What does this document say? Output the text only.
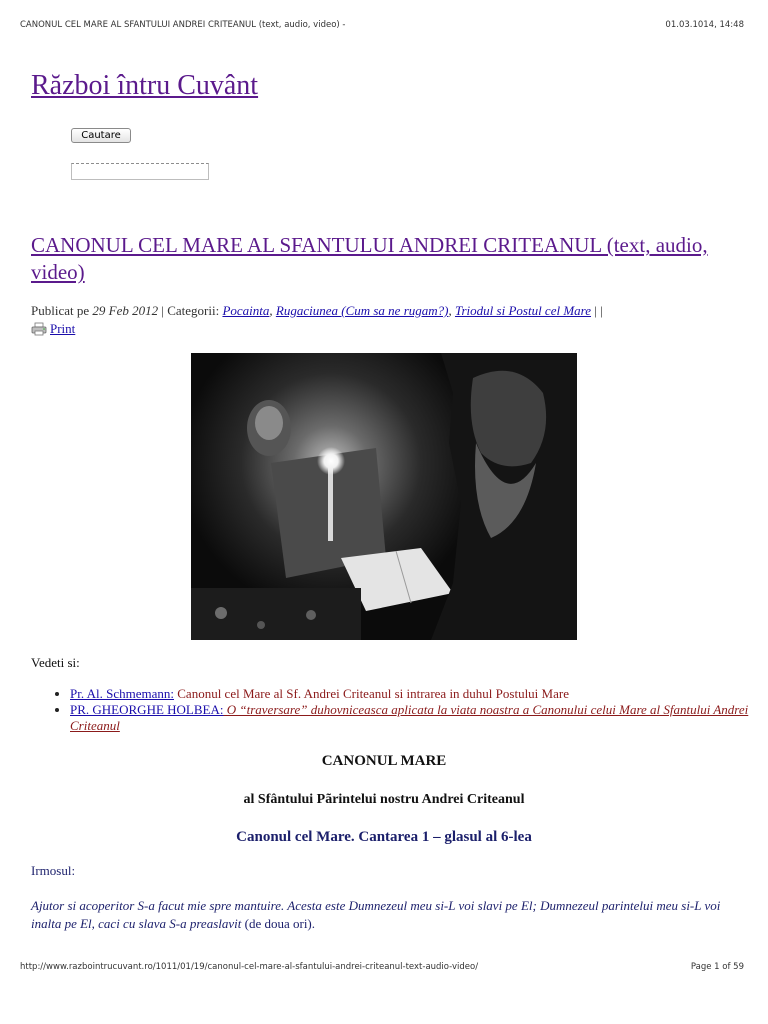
CANONUL CEL MARE AL SFANTULUI ANDREI CRITEANUL (text, audio, video) -	01.03.1014, 14:48
Război întru Cuvânt
Cautare
CANONUL CEL MARE AL SFANTULUI ANDREI CRITEANUL (text, audio, video)
Publicat pe 29 Feb 2012 | Categorii: Pocainta, Rugaciunea (Cum sa ne rugam?), Triodul si Postul cel Mare | |

Print
Vedeti si:
• Pr. Al. Schmemann: Canonul cel Mare al Sf. Andrei Criteanul si intrarea in duhul Postului Mare
• PR. GHEORGHE HOLBEA: O “traversare” duhovniceasca aplicata la viata noastra a Canonului celui Mare al Sfantului Andrei Criteanul
CANONUL MARE
al Sfântului Pãrintelui nostru Andrei Criteanul
Canonul cel Mare. Cantarea 1 – glasul al 6-lea
Irmosul:
Ajutor si acoperitor S-a facut mie spre mantuire. Acesta este Dumnezeul meu si-L voi slavi pe El; Dumnezeul parintelui meu si-L voi inalta pe El, caci cu slava S-a preaslavit (de doua ori).
http://www.razbointrucuvant.ro/1011/01/19/canonul-cel-mare-al-sfantului-andrei-criteanul-text-audio-video/	Page 1 of 59
